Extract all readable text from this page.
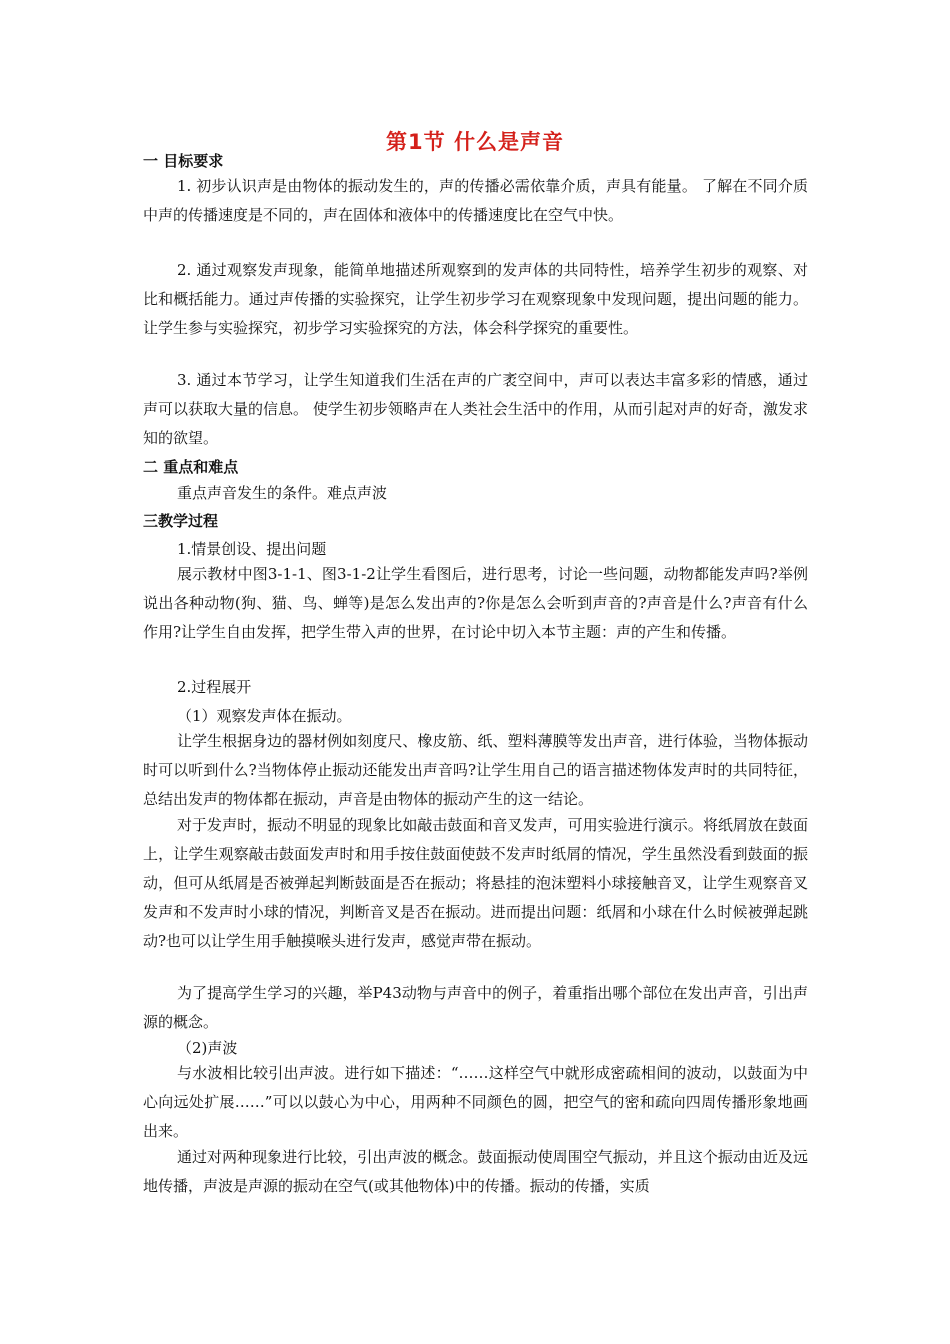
第1节 什么是声音
一 目标要求

1. 初步认识声是由物体的振动发生的，声的传播必需依靠介质，声具有能量。 了解在不同介质中声的传播速度是不同的，声在固体和液体中的传播速度比在空气中快。

2. 通过观察发声现象，能简单地描述所观察到的发声体的共同特性，培养学生初步的观察、对比和概括能力。通过声传播的实验探究，让学生初步学习在观察现象中发现问题，提出问题的能力。 让学生参与实验探究，初步学习实验探究的方法，体会科学探究的重要性。

3. 通过本节学习，让学生知道我们生活在声的广袤空间中，声可以表达丰富多彩的情感，通过声可以获取大量的信息。 使学生初步领略声在人类社会生活中的作用，从而引起对声的好奇，激发求知的欲望。

二 重点和难点
重点声音发生的条件。难点声波
三教学过程
1.情景创设、提出问题

展示教材中图3-1-1、图3-1-2让学生看图后，进行思考，讨论一些问题，动物都能发声吗?举例说出各种动物(狗、猫、鸟、蝉等)是怎么发出声的?你是怎么会听到声音的?声音是什么?声音有什么作用?让学生自由发挥，把学生带入声的世界，在讨论中切入本节主题：声的产生和传播。

2.过程展开
（1）观察发声体在振动。

让学生根据身边的器材例如刻度尺、橡皮筋、纸、塑料薄膜等发出声音，进行体验，当物体振动时可以听到什么?当物体停止振动还能发出声音吗?让学生用自己的语言描述物体发声时的共同特征，总结出发声的物体都在振动，声音是由物体的振动产生的这一结论。

对于发声时，振动不明显的现象比如敲击鼓面和音叉发声，可用实验进行演示。将纸屑放在鼓面上，让学生观察敲击鼓面发声时和用手按住鼓面使鼓不发声时纸屑的情况，学生虽然没看到鼓面的振动，但可从纸屑是否被弹起判断鼓面是否在振动；将悬挂的泡沫塑料小球接触音叉，让学生观察音叉发声和不发声时小球的情况，判断音叉是否在振动。进而提出问题：纸屑和小球在什么时候被弹起跳动?也可以让学生用手触摸喉头进行发声，感觉声带在振动。

为了提高学生学习的兴趣，举P43动物与声音中的例子，着重指出哪个部位在发出声音，引出声源的概念。

（2)声波

与水波相比较引出声波。进行如下描述：“……这样空气中就形成密疏相间的波动，以鼓面为中心向远处扩展……”可以以鼓心为中心，用两种不同颜色的圆，把空气的密和疏向四周传播形象地画出来。

通过对两种现象进行比较，引出声波的概念。鼓面振动使周围空气振动，并且这个振动由近及远地传播，声波是声源的振动在空气(或其他物体)中的传播。振动的传播，实质
